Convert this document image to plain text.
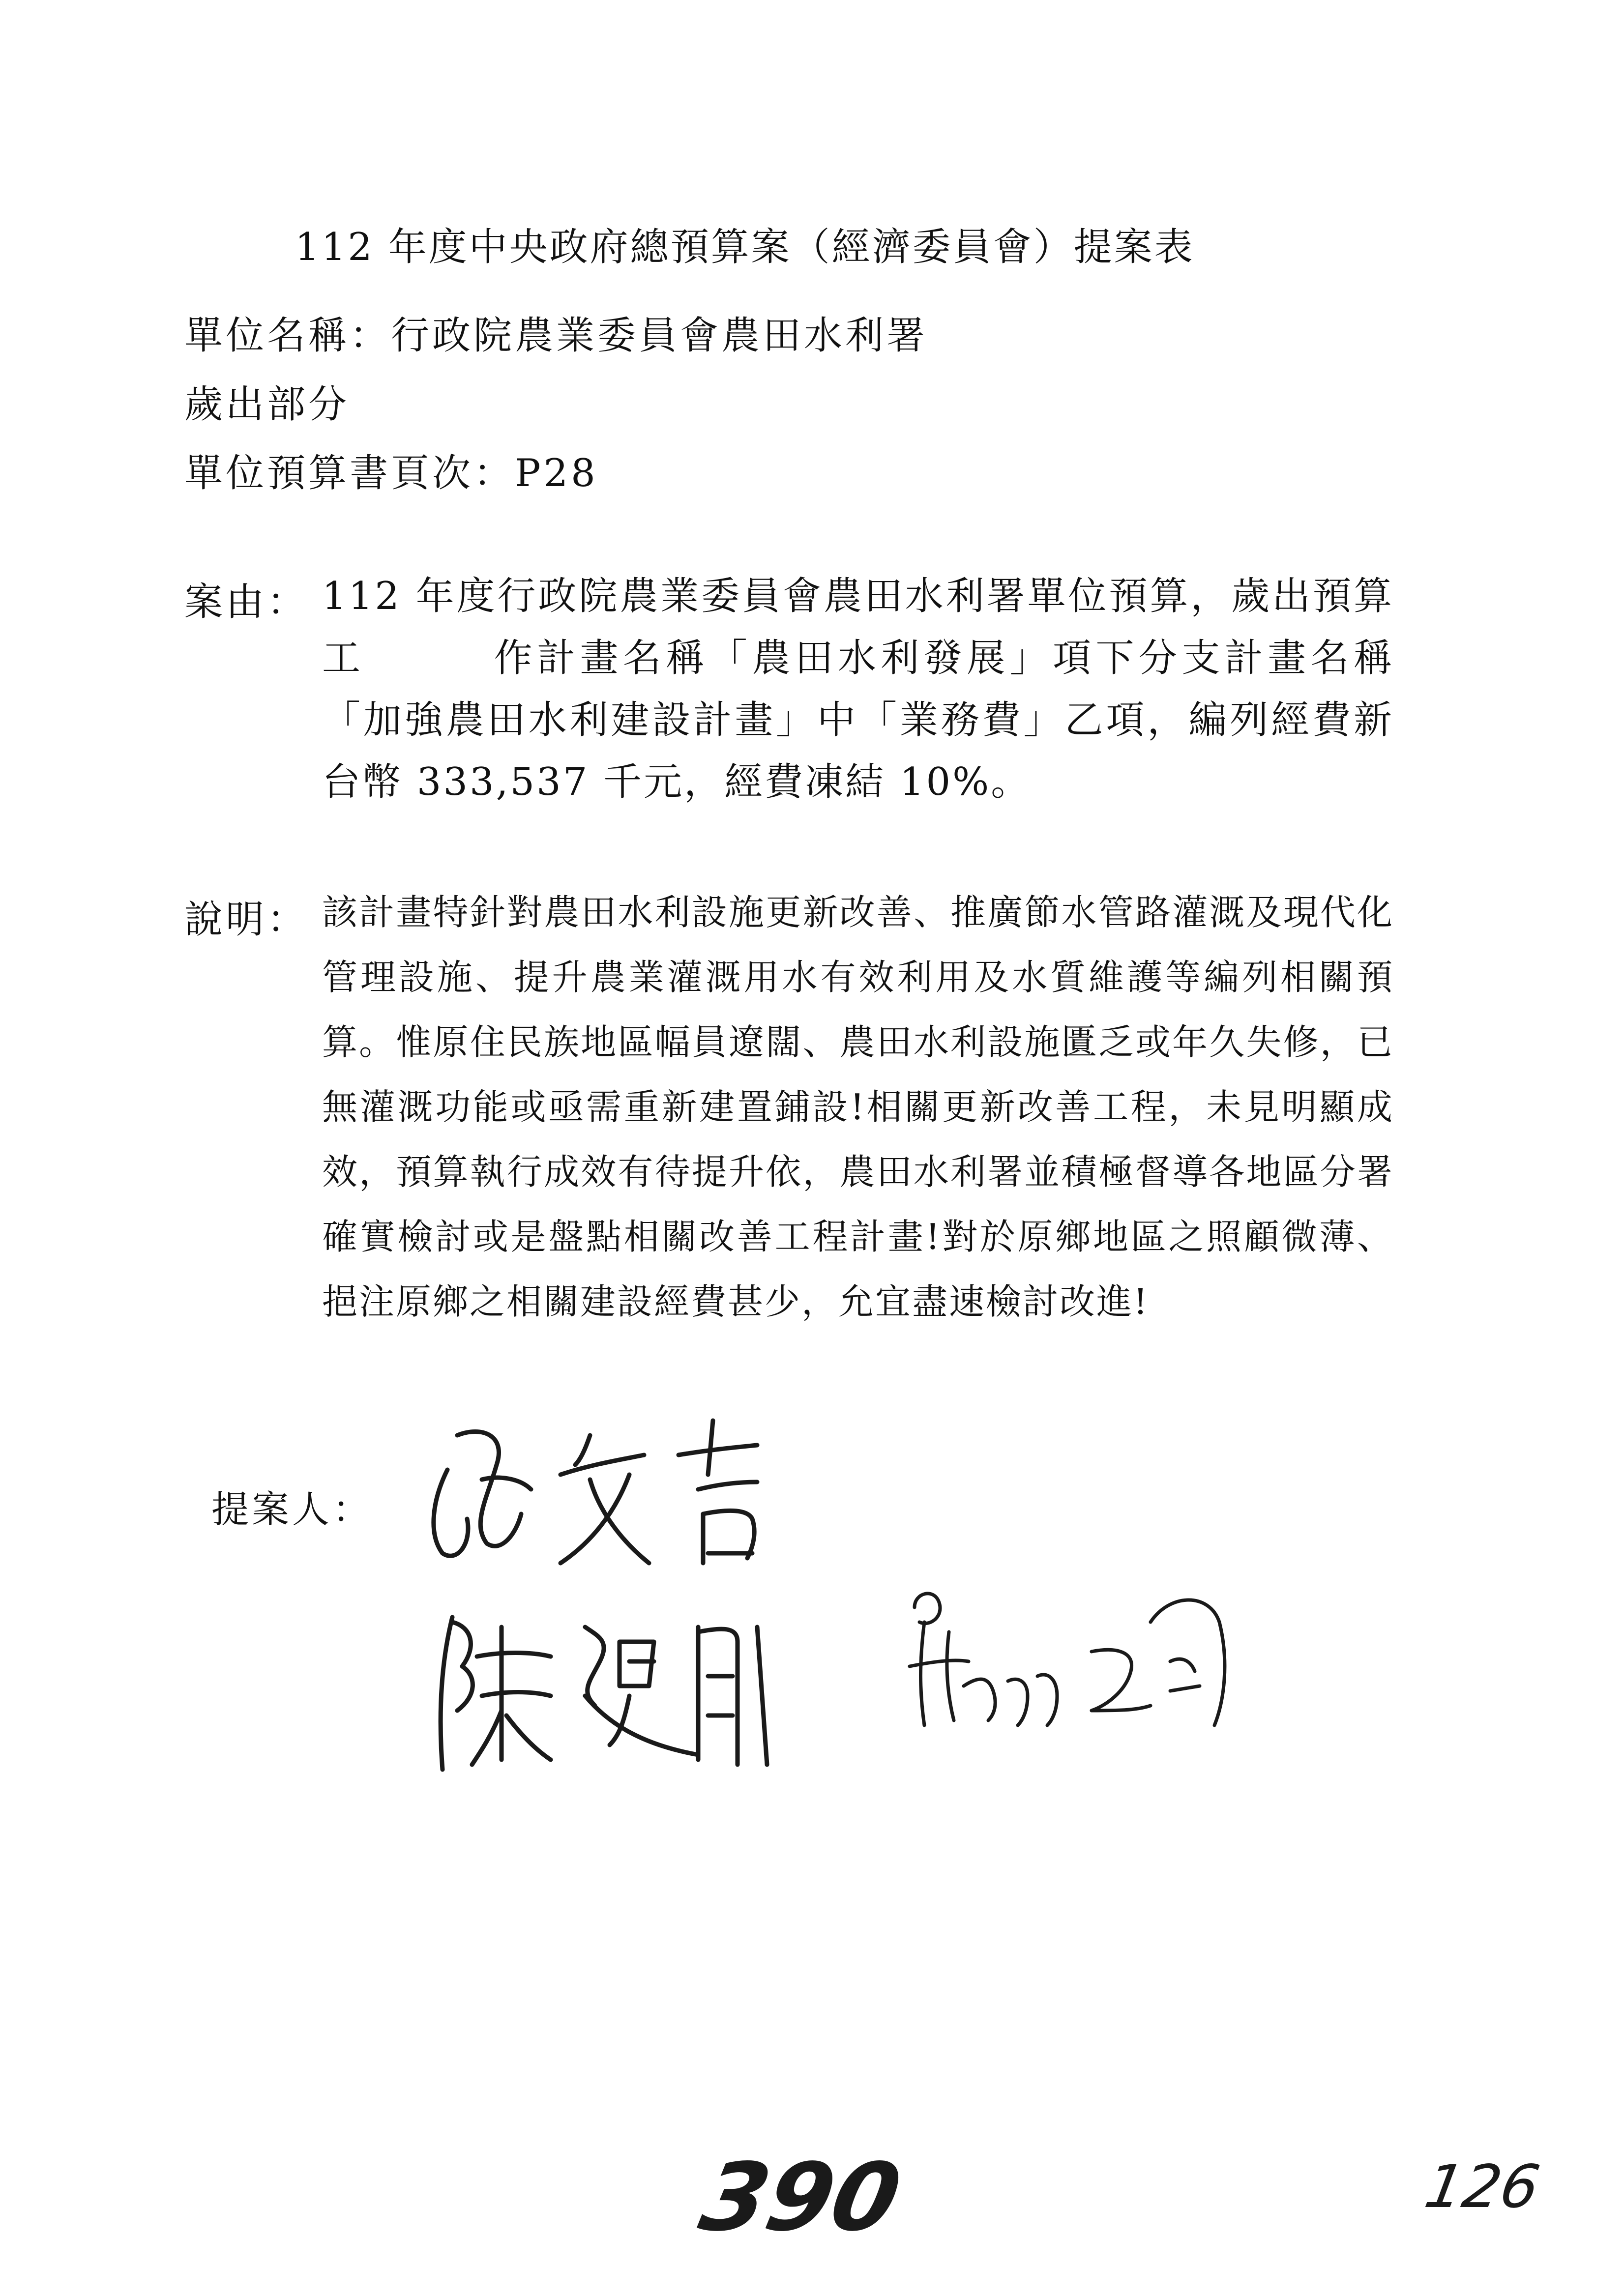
112 年度中央政府總預算案（經濟委員會）提案表
單位名稱：行政院農業委員會農田水利署
歲出部分
單位預算書頁次：P28
案由： 112 年度行政院農業委員會農田水利署單位預算，歲出預算工　　　作計畫名稱「農田水利發展」項下分支計畫名稱「加強農田水利建設計畫」中「業務費」乙項，編列經費新台幣 333,537 千元，經費凍結 10%。
說明： 該計畫特針對農田水利設施更新改善、推廣節水管路灌溉及現代化管理設施、提升農業灌溉用水有效利用及水質維護等編列相關預算。惟原住民族地區幅員遼闊、農田水利設施匱乏或年久失修，已無灌溉功能或亟需重新建置鋪設!相關更新改善工程，未見明顯成效，預算執行成效有待提升依，農田水利署並積極督導各地區分署確實檢討或是盤點相關改善工程計畫!對於原鄉地區之照顧微薄、挹注原鄉之相關建設經費甚少，允宜盡速檢討改進!
提案人：
390	126
